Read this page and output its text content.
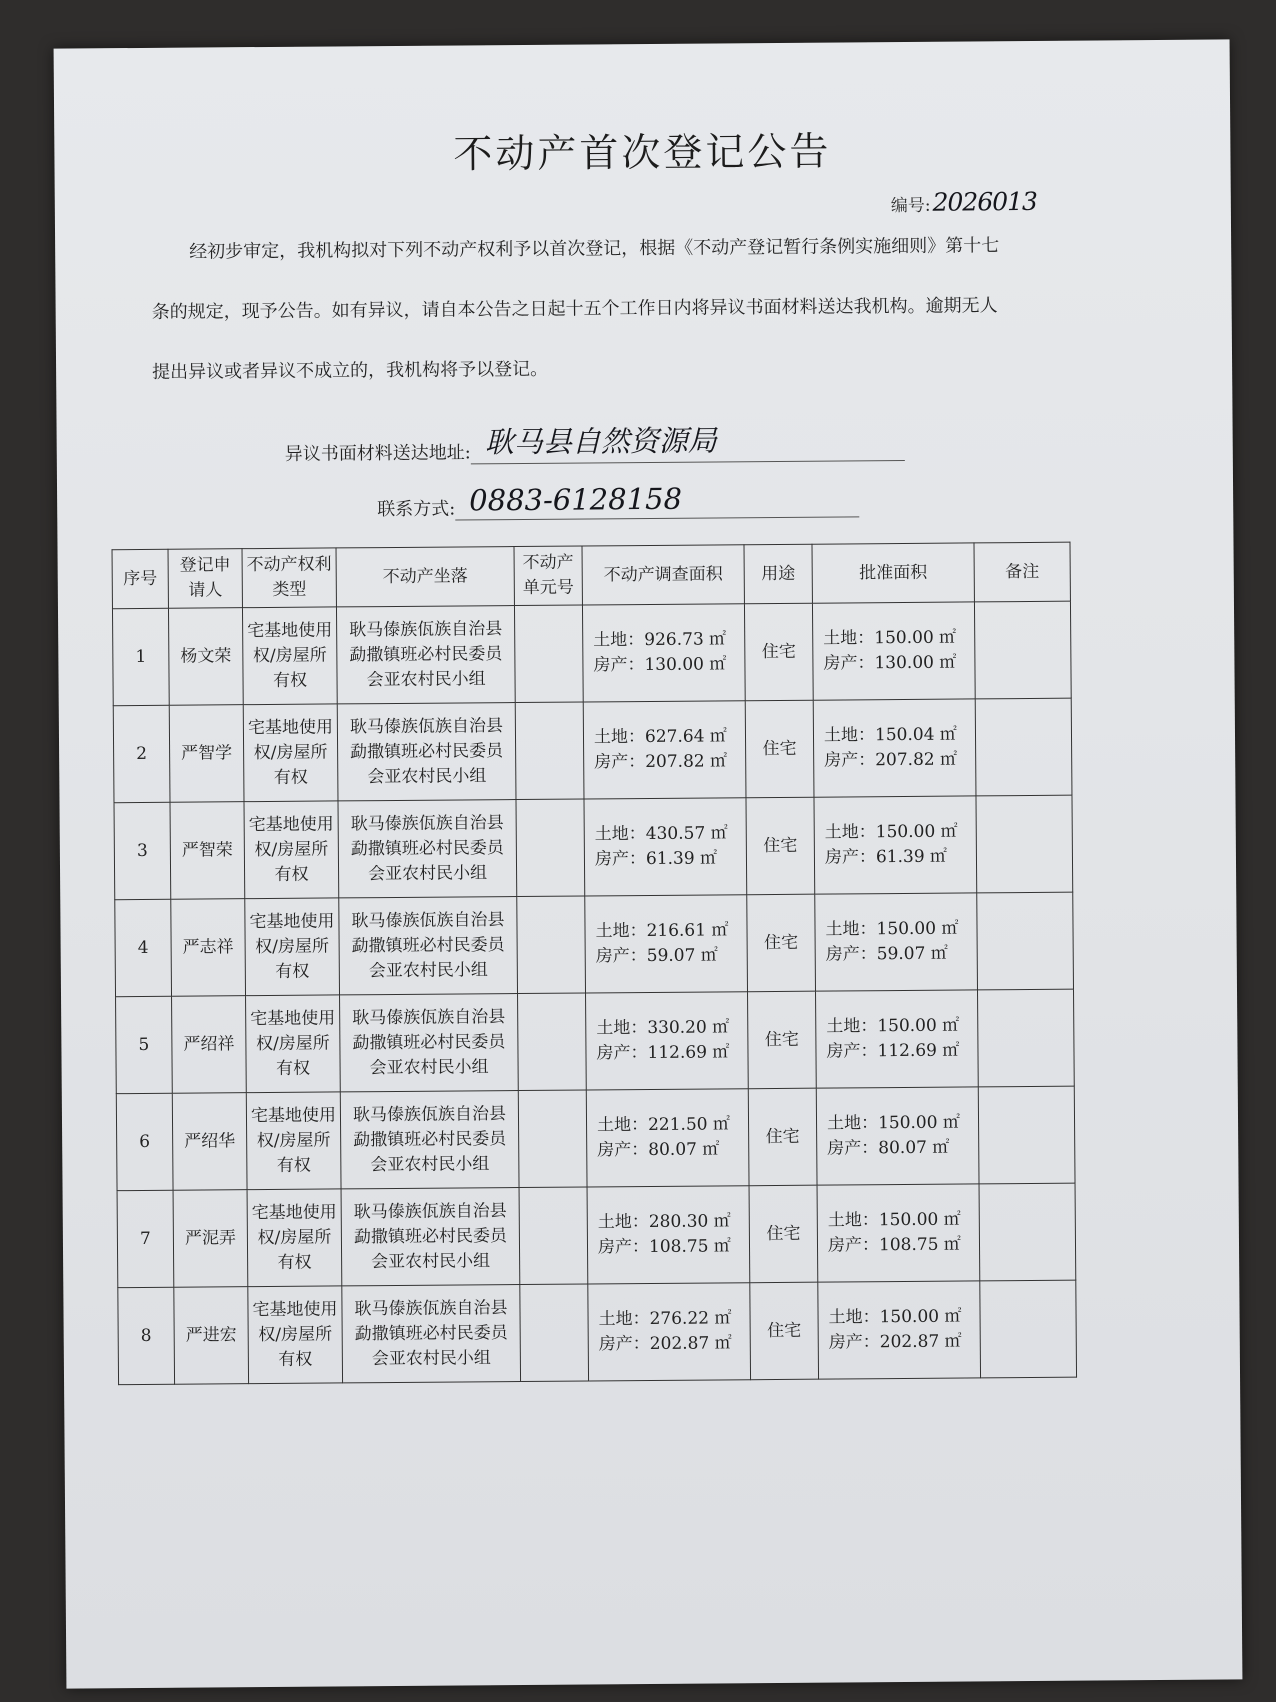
不动产首次登记公告
编号: 2026013
经初步审定，我机构拟对下列不动产权利予以首次登记，根据《不动产登记暂行条例实施细则》第十七
条的规定，现予公告。如有异议，请自本公告之日起十五个工作日内将异议书面材料送达我机构。逾期无人
提出异议或者异议不成立的，我机构将予以登记。
异议书面材料送达地址: 耿马县自然资源局
联系方式: 0883-6128158
序号	登记申请人	不动产权利类型	不动产坐落	不动产单元号	不动产调查面积	用途	批准面积	备注
1	杨文荣	宅基地使用权/房屋所有权	耿马傣族佤族自治县勐撒镇班必村民委员会亚农村民小组		土地：926.73 ㎡
房产：130.00 ㎡	住宅	土地：150.00 ㎡
房产：130.00 ㎡	

2	严智学	宅基地使用权/房屋所有权	耿马傣族佤族自治县勐撒镇班必村民委员会亚农村民小组		土地：627.64 ㎡
房产：207.82 ㎡	住宅	土地：150.04 ㎡
房产：207.82 ㎡	

3	严智荣	宅基地使用权/房屋所有权	耿马傣族佤族自治县勐撒镇班必村民委员会亚农村民小组		土地：430.57 ㎡
房产：61.39 ㎡	住宅	土地：150.00 ㎡
房产：61.39 ㎡	

4	严志祥	宅基地使用权/房屋所有权	耿马傣族佤族自治县勐撒镇班必村民委员会亚农村民小组		土地：216.61 ㎡
房产：59.07 ㎡	住宅	土地：150.00 ㎡
房产：59.07 ㎡	

5	严绍祥	宅基地使用权/房屋所有权	耿马傣族佤族自治县勐撒镇班必村民委员会亚农村民小组		土地：330.20 ㎡
房产：112.69 ㎡	住宅	土地：150.00 ㎡
房产：112.69 ㎡	

6	严绍华	宅基地使用权/房屋所有权	耿马傣族佤族自治县勐撒镇班必村民委员会亚农村民小组		土地：221.50 ㎡
房产：80.07 ㎡	住宅	土地：150.00 ㎡
房产：80.07 ㎡	

7	严泥弄	宅基地使用权/房屋所有权	耿马傣族佤族自治县勐撒镇班必村民委员会亚农村民小组		土地：280.30 ㎡
房产：108.75 ㎡	住宅	土地：150.00 ㎡
房产：108.75 ㎡	

8	严进宏	宅基地使用权/房屋所有权	耿马傣族佤族自治县勐撒镇班必村民委员会亚农村民小组		土地：276.22 ㎡
房产：202.87 ㎡	住宅	土地：150.00 ㎡
房产：202.87 ㎡	
